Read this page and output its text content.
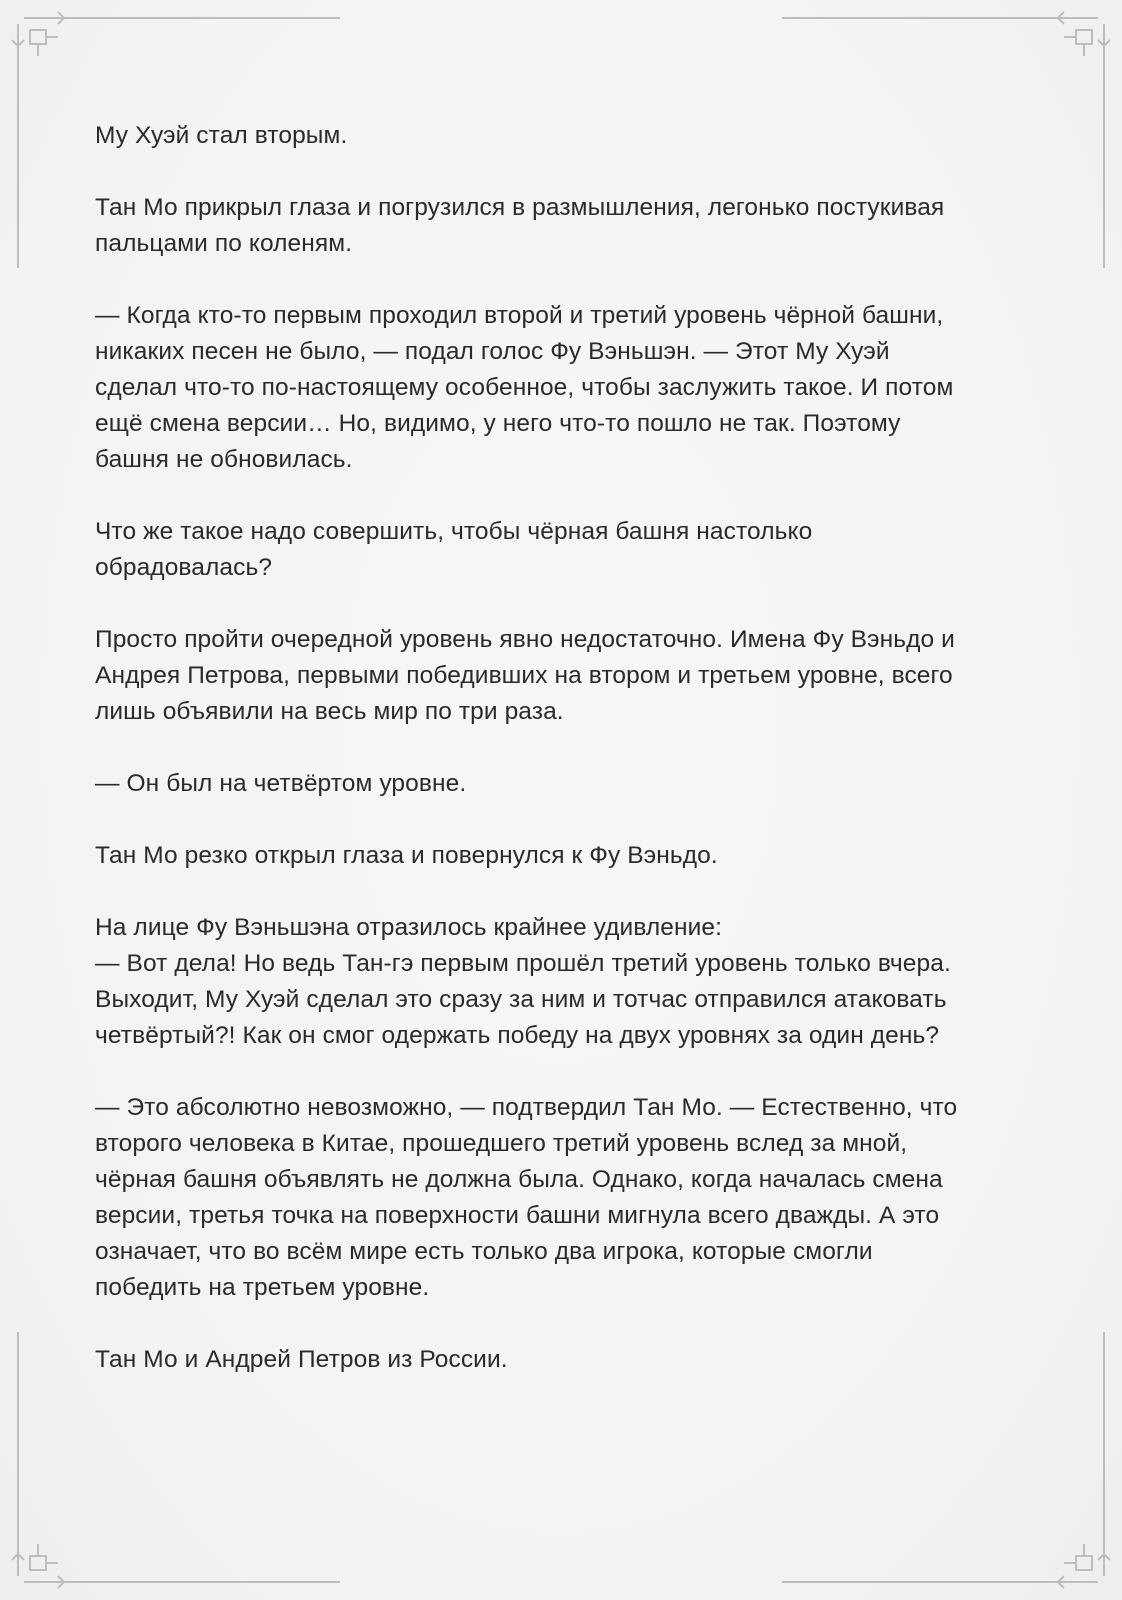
Му Хуэй стал вторым.

Тан Мо прикрыл глаза и погрузился в размышления, легонько постукивая
пальцами по коленям.

— Когда кто-то первым проходил второй и третий уровень чёрной башни,
никаких песен не было, — подал голос Фу Вэньшэн. — Этот Му Хуэй
сделал что-то по-настоящему особенное, чтобы заслужить такое. И потом
ещё смена версии… Но, видимо, у него что-то пошло не так. Поэтому
башня не обновилась.

Что же такое надо совершить, чтобы чёрная башня настолько
обрадовалась?

Просто пройти очередной уровень явно недостаточно. Имена Фу Вэньдо и
Андрея Петрова, первыми победивших на втором и третьем уровне, всего
лишь объявили на весь мир по три раза.

— Он был на четвёртом уровне.

Тан Мо резко открыл глаза и повернулся к Фу Вэньдо.

На лице Фу Вэньшэна отразилось крайнее удивление:
— Вот дела! Но ведь Тан-гэ первым прошёл третий уровень только вчера.
Выходит, Му Хуэй сделал это сразу за ним и тотчас отправился атаковать
четвёртый?! Как он смог одержать победу на двух уровнях за один день?

— Это абсолютно невозможно, — подтвердил Тан Мо. — Естественно, что
второго человека в Китае, прошедшего третий уровень вслед за мной,
чёрная башня объявлять не должна была. Однако, когда началась смена
версии, третья точка на поверхности башни мигнула всего дважды. А это
означает, что во всём мире есть только два игрока, которые смогли
победить на третьем уровне.

Тан Мо и Андрей Петров из России.
